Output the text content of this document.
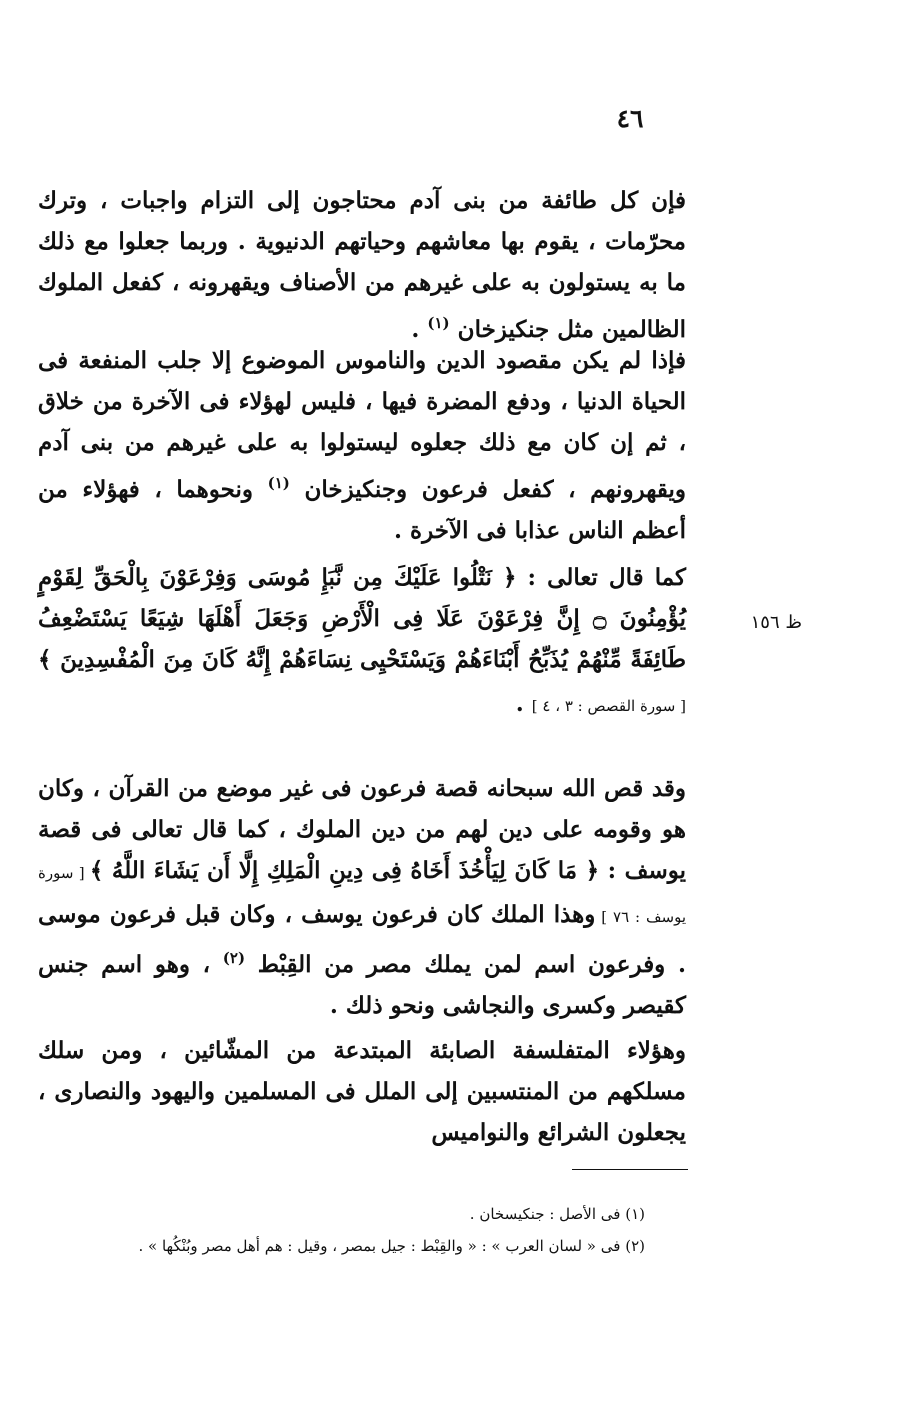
٤٦
فإن كل طائفة من بنى آدم محتاجون إلى التزام واجبات ، وترك محرّمات ، يقوم بها معاشهم وحياتهم الدنيوية . وربما جعلوا مع ذلك ما به يستولون به على غيرهم من الأصناف ويقهرونه ، كفعل الملوك الظالمين مثل جنكيزخان $^{(١)}$ .
فإذا لم يكن مقصود الدين والناموس الموضوع إلا جلب المنفعة فى الحياة الدنيا ، ودفع المضرة فيها ، فليس لهؤلاء فى الآخرة من خلاق ، ثم إن كان مع ذلك جعلوه ليستولوا به على غيرهم من بنى آدم ويقهرونهم ، كفعل فرعون وجنكيزخان $^{(١)}$ ونحوهما ، فهؤلاء من أعظم الناس عذابا فى الآخرة .
كما قال تعالى : ﴿ نَتْلُوا عَلَيْكَ مِن نَّبَإِ مُوسَى وَفِرْعَوْنَ بِالْحَقِّ لِقَوْمٍ يُؤْمِنُونَ ۝ إِنَّ فِرْعَوْنَ عَلَا فِى الْأَرْضِ وَجَعَلَ أَهْلَهَا شِيَعًا يَسْتَضْعِفُ طَائِفَةً مِّنْهُمْ يُذَبِّحُ أَبْنَاءَهُمْ وَيَسْتَحْيِى نِسَاءَهُمْ إِنَّهُ كَانَ مِنَ الْمُفْسِدِينَ ﴾ [ سورة القصص : ٣ ، ٤ ] .
ظ ١٥٦
وقد قص الله سبحانه قصة فرعون فى غير موضع من القرآن ، وكان هو وقومه على دين لهم من دين الملوك ، كما قال تعالى فى قصة يوسف : ﴿ مَا كَانَ لِيَأْخُذَ أَخَاهُ فِى دِينِ الْمَلِكِ إِلَّا أَن يَشَاءَ اللَّهُ ﴾ [ سورة يوسف : ٧٦ ] وهذا الملك كان فرعون يوسف ، وكان قبل فرعون موسى . وفرعون اسم لمن يملك مصر من القِبْط $^{(٢)}$ ، وهو اسم جنس كقيصر وكسرى والنجاشى ونحو ذلك .
وهؤلاء المتفلسفة الصابئة المبتدعة من المشّائين ، ومن سلك مسلكهم من المنتسبين إلى الملل فى المسلمين واليهود والنصارى ، يجعلون الشرائع والنواميس
(١) فى الأصل : جنكيسخان .
(٢) فى « لسان العرب » : « والقِبْط : جيل بمصر ، وقيل : هم أهل مصر وبُنْكُها » .
